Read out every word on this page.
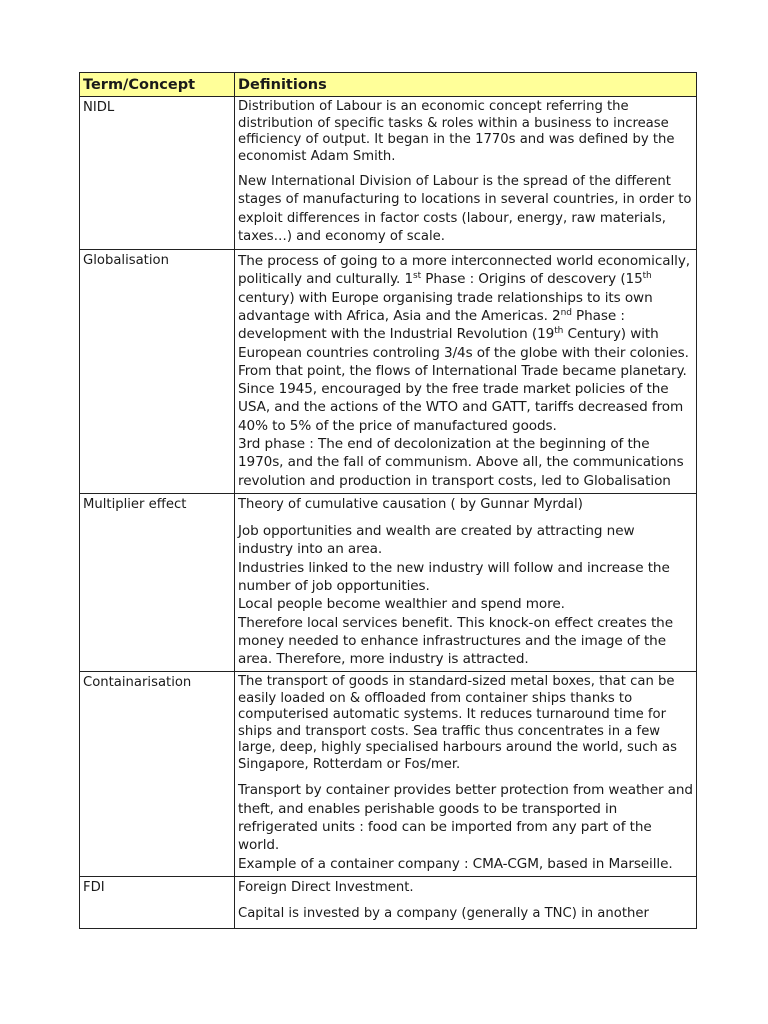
Term/Concept	Definitions
NIDL	Distribution of Labour is an economic concept referring the distribution of specific tasks & roles within a business to increase efficiency of output. It began in the 1770s and was defined by the economist Adam Smith.

New International Division of Labour is the spread of the different stages of manufacturing to locations in several countries, in order to exploit differences in factor costs (labour, energy, raw materials, taxes…) and economy of scale.

Globalisation	The process of going to a more interconnected world economically, politically and culturally. 1st Phase : Origins of descovery (15th century) with Europe organising trade relationships to its own advantage with Africa, Asia and the Americas. 2nd Phase : development with the Industrial Revolution (19th Century) with European countries controling 3/4s of the globe with their colonies.
From that point, the flows of International Trade became planetary.
Since 1945, encouraged by the free trade market policies of the USA, and the actions of the WTO and GATT, tariffs decreased from 40% to 5% of the price of manufactured goods.
3rd phase : The end of decolonization at the beginning of the 1970s, and the fall of communism. Above all, the communications revolution and production in transport costs, led to Globalisation

Multiplier effect	Theory of cumulative causation ( by Gunnar Myrdal)

Job opportunities and wealth are created by attracting new industry into an area.
Industries linked to the new industry will follow and increase the number of job opportunities.
Local people become wealthier and spend more.
Therefore local services benefit. This knock-on effect creates the money needed to enhance infrastructures and the image of the area. Therefore, more industry is attracted.

Containarisation	The transport of goods in standard-sized metal boxes, that can be easily loaded on & offloaded from container ships thanks to computerised automatic systems. It reduces turnaround time for ships and transport costs. Sea traffic thus concentrates in a few large, deep, highly specialised harbours around the world, such as Singapore, Rotterdam or Fos/mer.

Transport by container provides better protection from weather and theft, and enables perishable goods to be transported in refrigerated units : food can be imported from any part of the world.
Example of a container company : CMA-CGM, based in Marseille.

FDI	Foreign Direct Investment.

Capital is invested by a company (generally a TNC) in another
